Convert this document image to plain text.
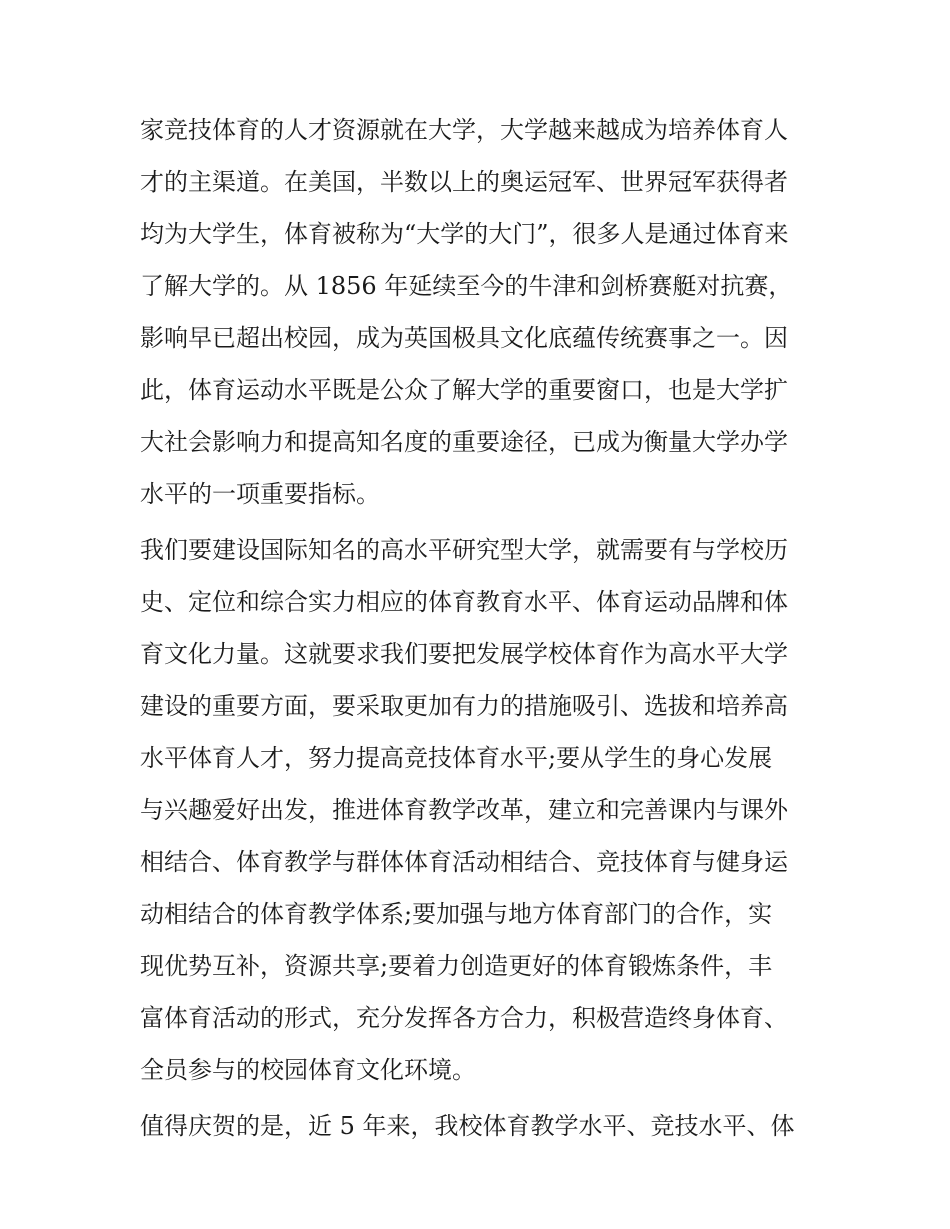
家竞技体育的人才资源就在大学，大学越来越成为培养体育人

才的主渠道。在美国，半数以上的奥运冠军、世界冠军获得者

均为大学生，体育被称为“大学的大门”，很多人是通过体育来

了解大学的。从 1856 年延续至今的牛津和剑桥赛艇对抗赛，

影响早已超出校园，成为英国极具文化底蕴传统赛事之一。因

此，体育运动水平既是公众了解大学的重要窗口，也是大学扩

大社会影响力和提高知名度的重要途径，已成为衡量大学办学

水平的一项重要指标。

我们要建设国际知名的高水平研究型大学，就需要有与学校历

史、定位和综合实力相应的体育教育水平、体育运动品牌和体

育文化力量。这就要求我们要把发展学校体育作为高水平大学

建设的重要方面，要采取更加有力的措施吸引、选拔和培养高

水平体育人才，努力提高竞技体育水平;要从学生的身心发展

与兴趣爱好出发，推进体育教学改革，建立和完善课内与课外

相结合、体育教学与群体体育活动相结合、竞技体育与健身运

动相结合的体育教学体系;要加强与地方体育部门的合作，实

现优势互补，资源共享;要着力创造更好的体育锻炼条件，丰

富体育活动的形式，充分发挥各方合力，积极营造终身体育、

全员参与的校园体育文化环境。

值得庆贺的是，近 5 年来，我校体育教学水平、竞技水平、体
